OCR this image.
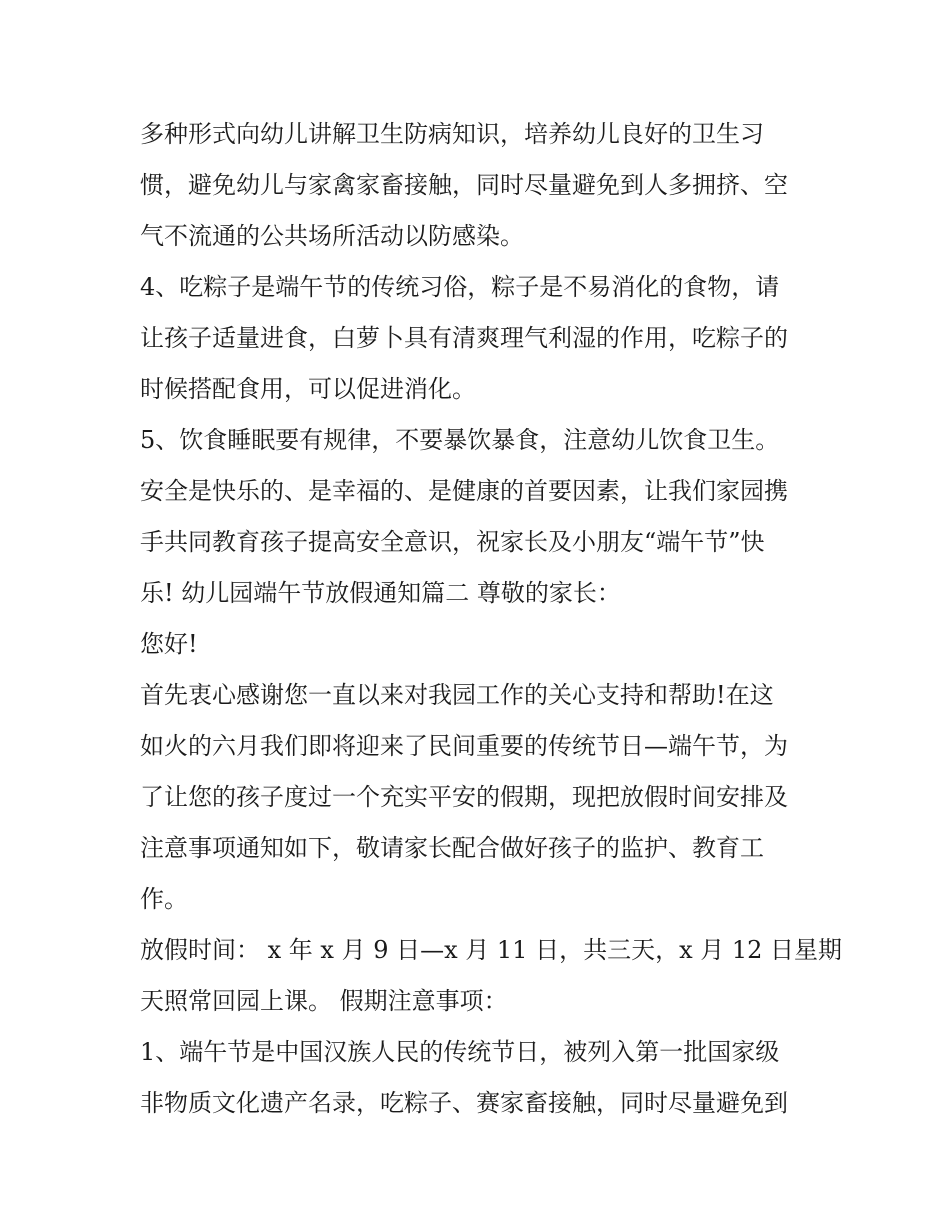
多种形式向幼儿讲解卫生防病知识，培养幼儿良好的卫生习
惯，避免幼儿与家禽家畜接触，同时尽量避免到人多拥挤、空
气不流通的公共场所活动以防感染。
4、吃粽子是端午节的传统习俗，粽子是不易消化的食物，请
让孩子适量进食，白萝卜具有清爽理气利湿的作用，吃粽子的
时候搭配食用，可以促进消化。
5、饮食睡眠要有规律，不要暴饮暴食，注意幼儿饮食卫生。
安全是快乐的、是幸福的、是健康的首要因素，让我们家园携
手共同教育孩子提高安全意识，祝家长及小朋友“端午节”快
乐! 幼儿园端午节放假通知篇二 尊敬的家长：
您好!
首先衷心感谢您一直以来对我园工作的关心支持和帮助!在这
如火的六月我们即将迎来了民间重要的传统节日—端午节，为
了让您的孩子度过一个充实平安的假期，现把放假时间安排及
注意事项通知如下，敬请家长配合做好孩子的监护、教育工
作。
放假时间： x 年 x 月 9 日—x 月 11 日，共三天，x 月 12 日星期
天照常回园上课。 假期注意事项：
1、端午节是中国汉族人民的传统节日，被列入第一批国家级
非物质文化遗产名录，吃粽子、赛家畜接触，同时尽量避免到
